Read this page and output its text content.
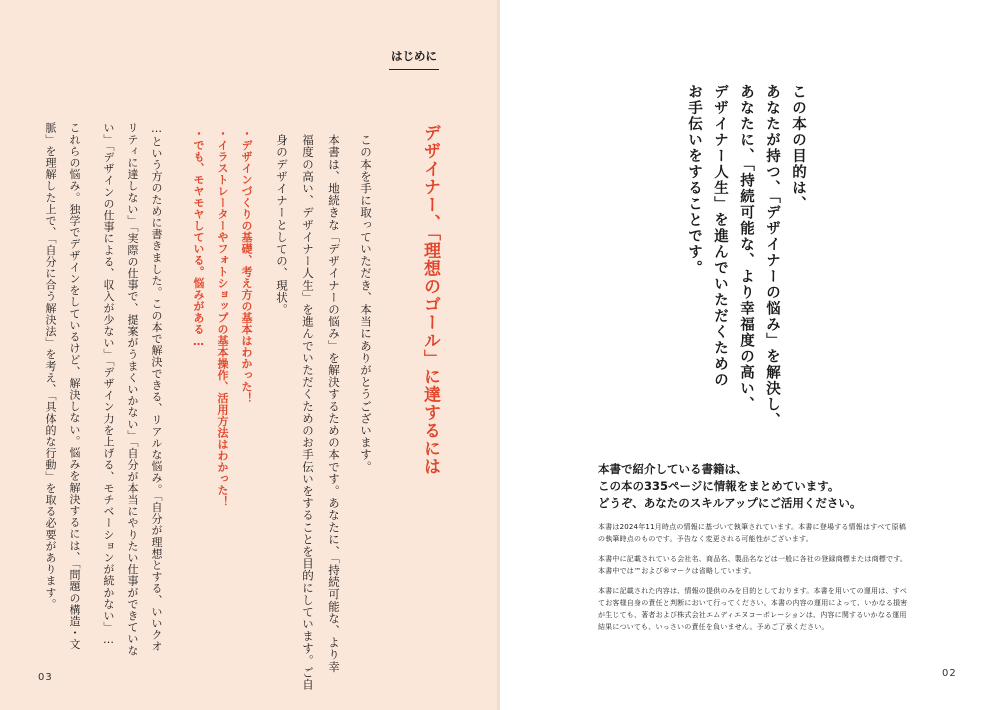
はじめに

デザイナー、「理想のゴール」に達するには

この本を手に取っていただき、本当にありがとうございます。

本書は、地続きな「デザイナーの悩み」を解決するための本です。あなたに、「持続可能な、より幸

福度の高い、デザイナー人生」を進んでいただくためのお手伝いをすることを目的にしています。ご自

身のデザイナーとしての、現状。

・デザインづくりの基礎、考え方の基本はわかった！

・イラストレーターやフォトショップの基本操作、活用方法はわかった！

・でも、モヤモヤしている。悩みがある…

…という方のために書きました。この本で解決できる、リアルな悩み。「自分が理想とする、いいクオ

リティに達しない」「実際の仕事で、提案がうまくいかない」「自分が本当にやりたい仕事ができていな

い」「デザインの仕事による、収入が少ない」「デザイン力を上げる、モチベーションが続かない」…

これらの悩み。独学でデザインをしているけど、解決しない。悩みを解決するには、「問題の構造・文

脈」を理解した上で、「自分に合う解決法」を考え、「具体的な行動」を取る必要があります。

03

この本の目的は、

あなたが持つ、「デザイナーの悩み」を解決し、

あなたに、「持続可能な、より幸福度の高い、

デザイナー人生」を進んでいただくための

お手伝いをすることです。

本書で紹介している書籍は、

この本の335ページに情報をまとめています。

どうぞ、あなたのスキルアップにご活用ください。

本書は2024年11月時点の情報に基づいて執筆されています。本書に登場する情報はすべて原稿の執筆時点のものです。予告なく変更される可能性がございます。

本書中に記載されている会社名、商品名、製品名などは一般に各社の登録商標または商標です。本書中では™および®マークは省略しています。

本書に記載された内容は、情報の提供のみを目的としております。本書を用いての運用は、すべてお客様自身の責任と判断において行ってください。本書の内容の運用によって、いかなる損害が生じても、著者および株式会社エムディエヌコーポレーションは、内容に関するいかなる運用結果についても、いっさいの責任を負いません。予めご了承ください。

02
